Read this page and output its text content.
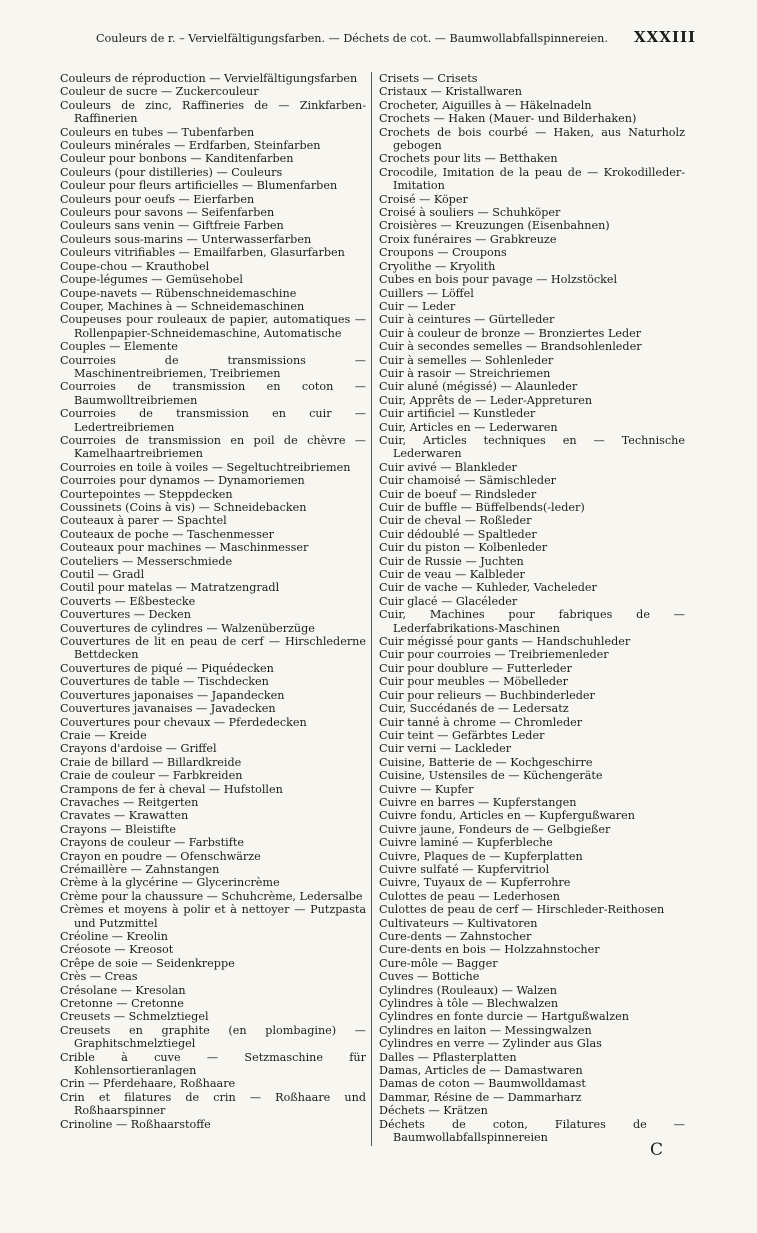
Couleurs de r. – Vervielfältigungsfarben. — Déchets de cot. — Baumwollabfallspinnereien. XXXIII
Couleurs de réproduction — Vervielfältigungsfarben
Couleur de sucre — Zuckercouleur
Couleurs de zinc, Raffineries de — Zinkfarben-Raffinerien
Couleurs en tubes — Tubenfarben
Couleurs minérales — Erdfarben, Steinfarben
Couleur pour bonbons — Kanditenfarben
Couleurs (pour distilleries) — Couleurs
Couleur pour fleurs artificielles — Blumenfarben
Couleurs pour oeufs — Eierfarben
Couleurs pour savons — Seifenfarben
Couleurs sans venin — Giftfreie Farben
Couleurs sous-marins — Unterwasserfarben
Couleurs vitrifiables — Emailfarben, Glasurfarben
Coupe-chou — Krauthobel
Coupe-légumes — Gemüsehobel
Coupe-navets — Rübenschneidemaschine
Couper, Machines à — Schneidemaschinen
Coupeuses pour rouleaux de papier, automatiques — Rollenpapier-Schneidemaschine, Automatische
Couples — Elemente
Courroies de transmissions — Maschinentreibriemen, Treibriemen
Courroies de transmission en coton — Baumwolltreibriemen
Courroies de transmission en cuir — Ledertreibriemen
Courroies de transmission en poil de chèvre — Kamelhaartreibriemen
Courroies en toile à voiles — Segeltuchtreibriemen
Courroies pour dynamos — Dynamoriemen
Courtepointes — Steppdecken
Coussinets (Coins à vis) — Schneidebacken
Couteaux à parer — Spachtel
Couteaux de poche — Taschenmesser
Couteaux pour machines — Maschinmesser
Couteliers — Messerschmiede
Coutil — Gradl
Coutil pour matelas — Matratzengradl
Couverts — Eßbestecke
Couvertures — Decken
Couvertures de cylindres — Walzenüberzüge
Couvertures de lit en peau de cerf — Hirschlederne Bettdecken
Couvertures de piqué — Piquédecken
Couvertures de table — Tischdecken
Couvertures japonaises — Japandecken
Couvertures javanaises — Javadecken
Couvertures pour chevaux — Pferdedecken
Craie — Kreide
Crayons d'ardoise — Griffel
Craie de billard — Billardkreide
Craie de couleur — Farbkreiden
Crampons de fer à cheval — Hufstollen
Cravaches — Reitgerten
Cravates — Krawatten
Crayons — Bleistifte
Crayons de couleur — Farbstifte
Crayon en poudre — Ofenschwärze
Crémaillère — Zahnstangen
Crème à la glycérine — Glycerincrème
Crème pour la chaussure — Schuhcrème, Ledersalbe
Crèmes et moyens à polir et à nettoyer — Putzpasta und Putzmittel
Créoline — Kreolin
Créosote — Kreosot
Crêpe de soie — Seidenkreppe
Crès — Creas
Crésolane — Kresolan
Cretonne — Cretonne
Creusets — Schmelztiegel
Creusets en graphite (en plombagine) — Graphitschmelztiegel
Crible à cuve — Setzmaschine für Kohlensortieranlagen
Crin — Pferdehaare, Roßhaare
Crin et filatures de crin — Roßhaare und Roßhaarspinner
Crinoline — Roßhaarstoffe
Crisets — Crisets
Cristaux — Kristallwaren
Crocheter, Aiguilles à — Häkelnadeln
Crochets — Haken (Mauer- und Bilderhaken)
Crochets de bois courbé — Haken, aus Naturholz gebogen
Crochets pour lits — Betthaken
Crocodile, Imitation de la peau de — Krokodilleder-Imitation
Croisé — Köper
Croisé à souliers — Schuhköper
Croisières — Kreuzungen (Eisenbahnen)
Croix funéraires — Grabkreuze
Croupons — Croupons
Cryolithe — Kryolith
Cubes en bois pour pavage — Holzstöckel
Cuillers — Löffel
Cuir — Leder
Cuir à ceintures — Gürtelleder
Cuir à couleur de bronze — Bronziertes Leder
Cuir à secondes semelles — Brandsohlenleder
Cuir à semelles — Sohlenleder
Cuir à rasoir — Streichriemen
Cuir aluné (mégissé) — Alaunleder
Cuir, Apprêts de — Leder-Appreturen
Cuir artificiel — Kunstleder
Cuir, Articles en — Lederwaren
Cuir, Articles techniques en — Technische Lederwaren
Cuir avivé — Blankleder
Cuir chamoisé — Sämischleder
Cuir de boeuf — Rindsleder
Cuir de buffle — Büffelbends(-leder)
Cuir de cheval — Roßleder
Cuir dédoublé — Spaltleder
Cuir du piston — Kolbenleder
Cuir de Russie — Juchten
Cuir de veau — Kalbleder
Cuir de vache — Kuhleder, Vacheleder
Cuir glacé — Glacéleder
Cuir, Machines pour fabriques de — Lederfabrikations-Maschinen
Cuir mégissé pour gants — Handschuhleder
Cuir pour courroies — Treibriemenleder
Cuir pour doublure — Futterleder
Cuir pour meubles — Möbelleder
Cuir pour relieurs — Buchbinderleder
Cuir, Succédanés de — Ledersatz
Cuir tanné à chrome — Chromleder
Cuir teint — Gefärbtes Leder
Cuir verni — Lackleder
Cuisine, Batterie de — Kochgeschirre
Cuisine, Ustensiles de — Küchengeräte
Cuivre — Kupfer
Cuivre en barres — Kupferstangen
Cuivre fondu, Articles en — Kupfergußwaren
Cuivre jaune, Fondeurs de — Gelbgießer
Cuivre laminé — Kupferbleche
Cuivre, Plaques de — Kupferplatten
Cuivre sulfaté — Kupfervitriol
Cuivre, Tuyaux de — Kupferrohre
Culottes de peau — Lederhosen
Culottes de peau de cerf — Hirschleder-Reithosen
Cultivateurs — Kultivatoren
Cure-dents — Zahnstocher
Cure-dents en bois — Holzzahnstocher
Cure-môle — Bagger
Cuves — Bottiche
Cylindres (Rouleaux) — Walzen
Cylindres à tôle — Blechwalzen
Cylindres en fonte durcie — Hartgußwalzen
Cylindres en laiton — Messingwalzen
Cylindres en verre — Zylinder aus Glas
Dalles — Pflasterplatten
Damas, Articles de — Damastwaren
Damas de coton — Baumwolldamast
Dammar, Résine de — Dammarharz
Déchets — Krätzen
Déchets de coton, Filatures de — Baumwollabfallspinnereien
C
